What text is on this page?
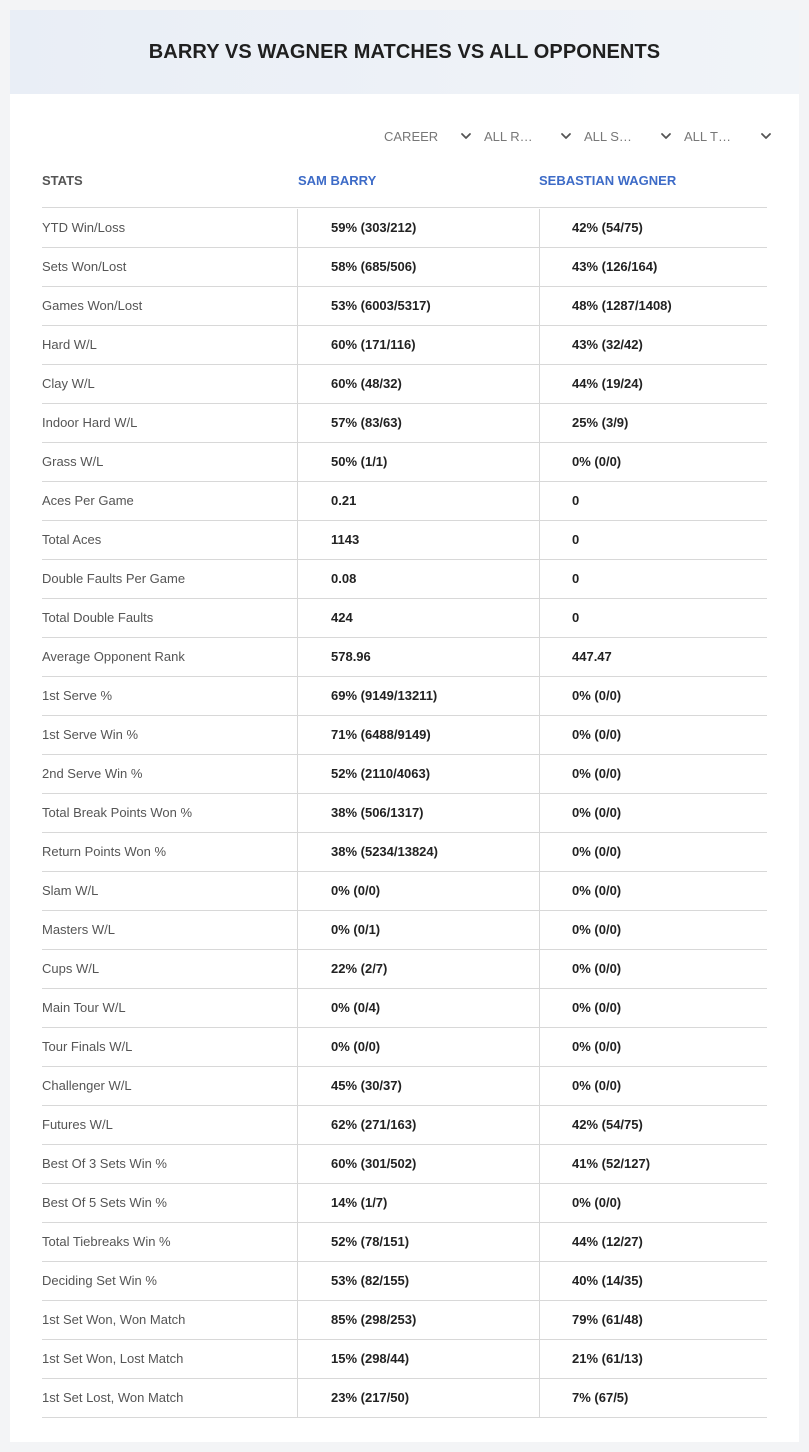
BARRY VS WAGNER MATCHES VS ALL OPPONENTS
CAREER	ALL R…	ALL S…	ALL T…
STATS	SAM BARRY	SEBASTIAN WAGNER
YTD Win/Loss	59% (303/212)	42% (54/75)
Sets Won/Lost	58% (685/506)	43% (126/164)
Games Won/Lost	53% (6003/5317)	48% (1287/1408)
Hard W/L	60% (171/116)	43% (32/42)
Clay W/L	60% (48/32)	44% (19/24)
Indoor Hard W/L	57% (83/63)	25% (3/9)
Grass W/L	50% (1/1)	0% (0/0)
Aces Per Game	0.21	0
Total Aces	1143	0
Double Faults Per Game	0.08	0
Total Double Faults	424	0
Average Opponent Rank	578.96	447.47
1st Serve %	69% (9149/13211)	0% (0/0)
1st Serve Win %	71% (6488/9149)	0% (0/0)
2nd Serve Win %	52% (2110/4063)	0% (0/0)
Total Break Points Won %	38% (506/1317)	0% (0/0)
Return Points Won %	38% (5234/13824)	0% (0/0)
Slam W/L	0% (0/0)	0% (0/0)
Masters W/L	0% (0/1)	0% (0/0)
Cups W/L	22% (2/7)	0% (0/0)
Main Tour W/L	0% (0/4)	0% (0/0)
Tour Finals W/L	0% (0/0)	0% (0/0)
Challenger W/L	45% (30/37)	0% (0/0)
Futures W/L	62% (271/163)	42% (54/75)
Best Of 3 Sets Win %	60% (301/502)	41% (52/127)
Best Of 5 Sets Win %	14% (1/7)	0% (0/0)
Total Tiebreaks Win %	52% (78/151)	44% (12/27)
Deciding Set Win %	53% (82/155)	40% (14/35)
1st Set Won, Won Match	85% (298/253)	79% (61/48)
1st Set Won, Lost Match	15% (298/44)	21% (61/13)
1st Set Lost, Won Match	23% (217/50)	7% (67/5)
